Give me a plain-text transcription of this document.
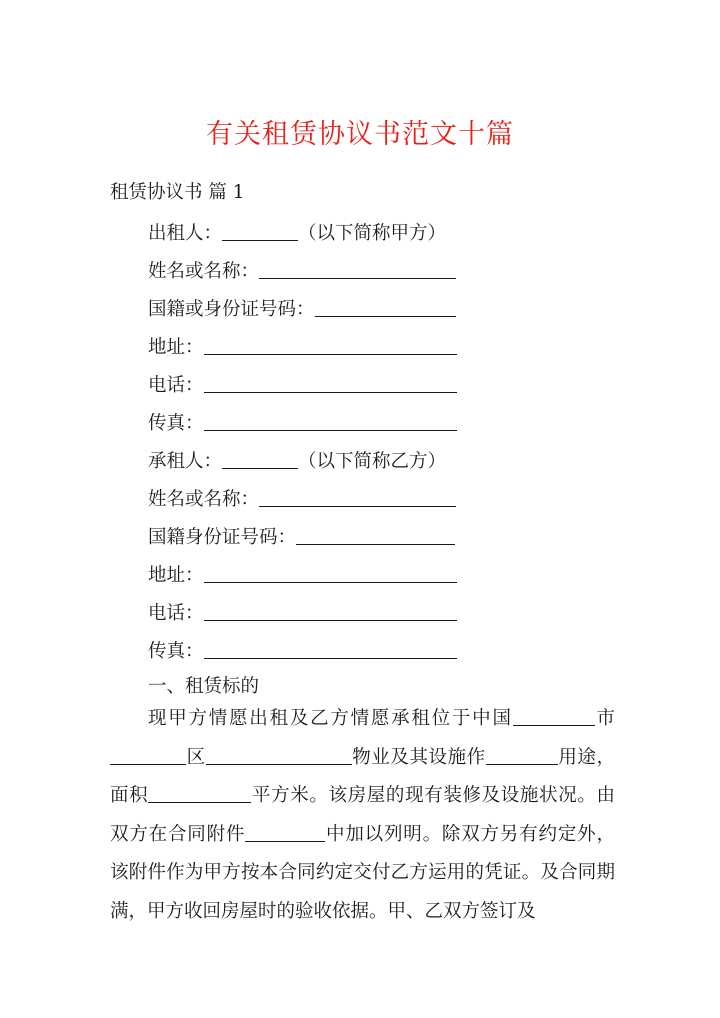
有关租赁协议书范文十篇
租赁协议书 篇 1
出租人：	（以下简称甲方）
姓名或名称：
国籍或身份证号码：
地址：
电话：
传真：
承租人：	（以下简称乙方）
姓名或名称：
国籍身份证号码：
地址：
电话：
传真：
一、租赁标的
现甲方情愿出租及乙方情愿承租位于中国	市区	物业及其设施作	用途，面积	平方米。该房屋的现有装修及设施状况。由双方在合同附件	中加以列明。除双方另有约定外，该附件作为甲方按本合同约定交付乙方运用的凭证。及合同期满，甲方收回房屋时的验收依据。甲、乙双方签订及
